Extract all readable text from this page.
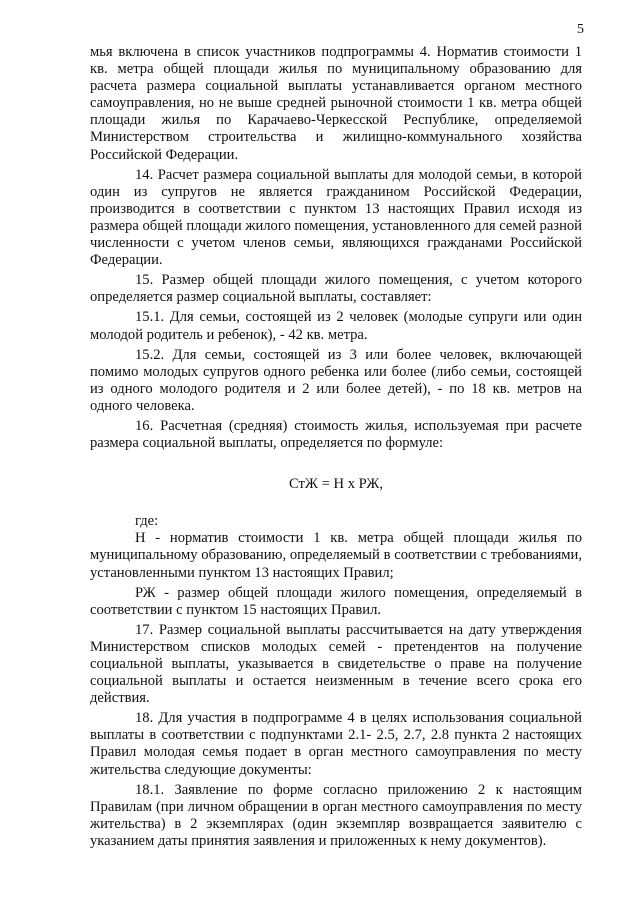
5

мья включена в список участников подпрограммы 4. Норматив стоимости 1 кв. метра общей площади жилья по муниципальному образованию для расчета размера социальной выплаты устанавливается органом местного самоуправления, но не выше средней рыночной стоимости 1 кв. метра общей площади жилья по Карачаево-Черкесской Республике, определяемой Министерством строительства и жилищно-коммунального хозяйства Российской Федерации.

14. Расчет размера социальной выплаты для молодой семьи, в которой один из супругов не является гражданином Российской Федерации, производится в соответствии с пунктом 13 настоящих Правил исходя из размера общей площади жилого помещения, установленного для семей разной численности с учетом членов семьи, являющихся гражданами Российской Федерации.

15. Размер общей площади жилого помещения, с учетом которого определяется размер социальной выплаты, составляет:

15.1. Для семьи, состоящей из 2 человек (молодые супруги или один молодой родитель и ребенок), - 42 кв. метра.

15.2. Для семьи, состоящей из 3 или более человек, включающей помимо молодых супругов одного ребенка или более (либо семьи, состоящей из одного молодого родителя и 2 или более детей), - по 18 кв. метров на одного человека.

16. Расчетная (средняя) стоимость жилья, используемая при расчете размера социальной выплаты, определяется по формуле:

СтЖ = Н х РЖ,

где:

Н - норматив стоимости 1 кв. метра общей площади жилья по муниципальному образованию, определяемый в соответствии с требованиями, установленными пунктом 13 настоящих Правил;

РЖ - размер общей площади жилого помещения, определяемый в соответствии с пунктом 15 настоящих Правил.

17. Размер социальной выплаты рассчитывается на дату утверждения Министерством списков молодых семей - претендентов на получение социальной выплаты, указывается в свидетельстве о праве на получение социальной выплаты и остается неизменным в течение всего срока его действия.

18. Для участия в подпрограмме 4 в целях использования социальной выплаты в соответствии с подпунктами 2.1- 2.5, 2.7, 2.8 пункта 2 настоящих Правил молодая семья подает в орган местного самоуправления по месту жительства следующие документы:

18.1. Заявление по форме согласно приложению 2 к настоящим Правилам (при личном обращении в орган местного самоуправления по месту жительства) в 2 экземплярах (один экземпляр возвращается заявителю с указанием даты принятия заявления и приложенных к нему документов).
